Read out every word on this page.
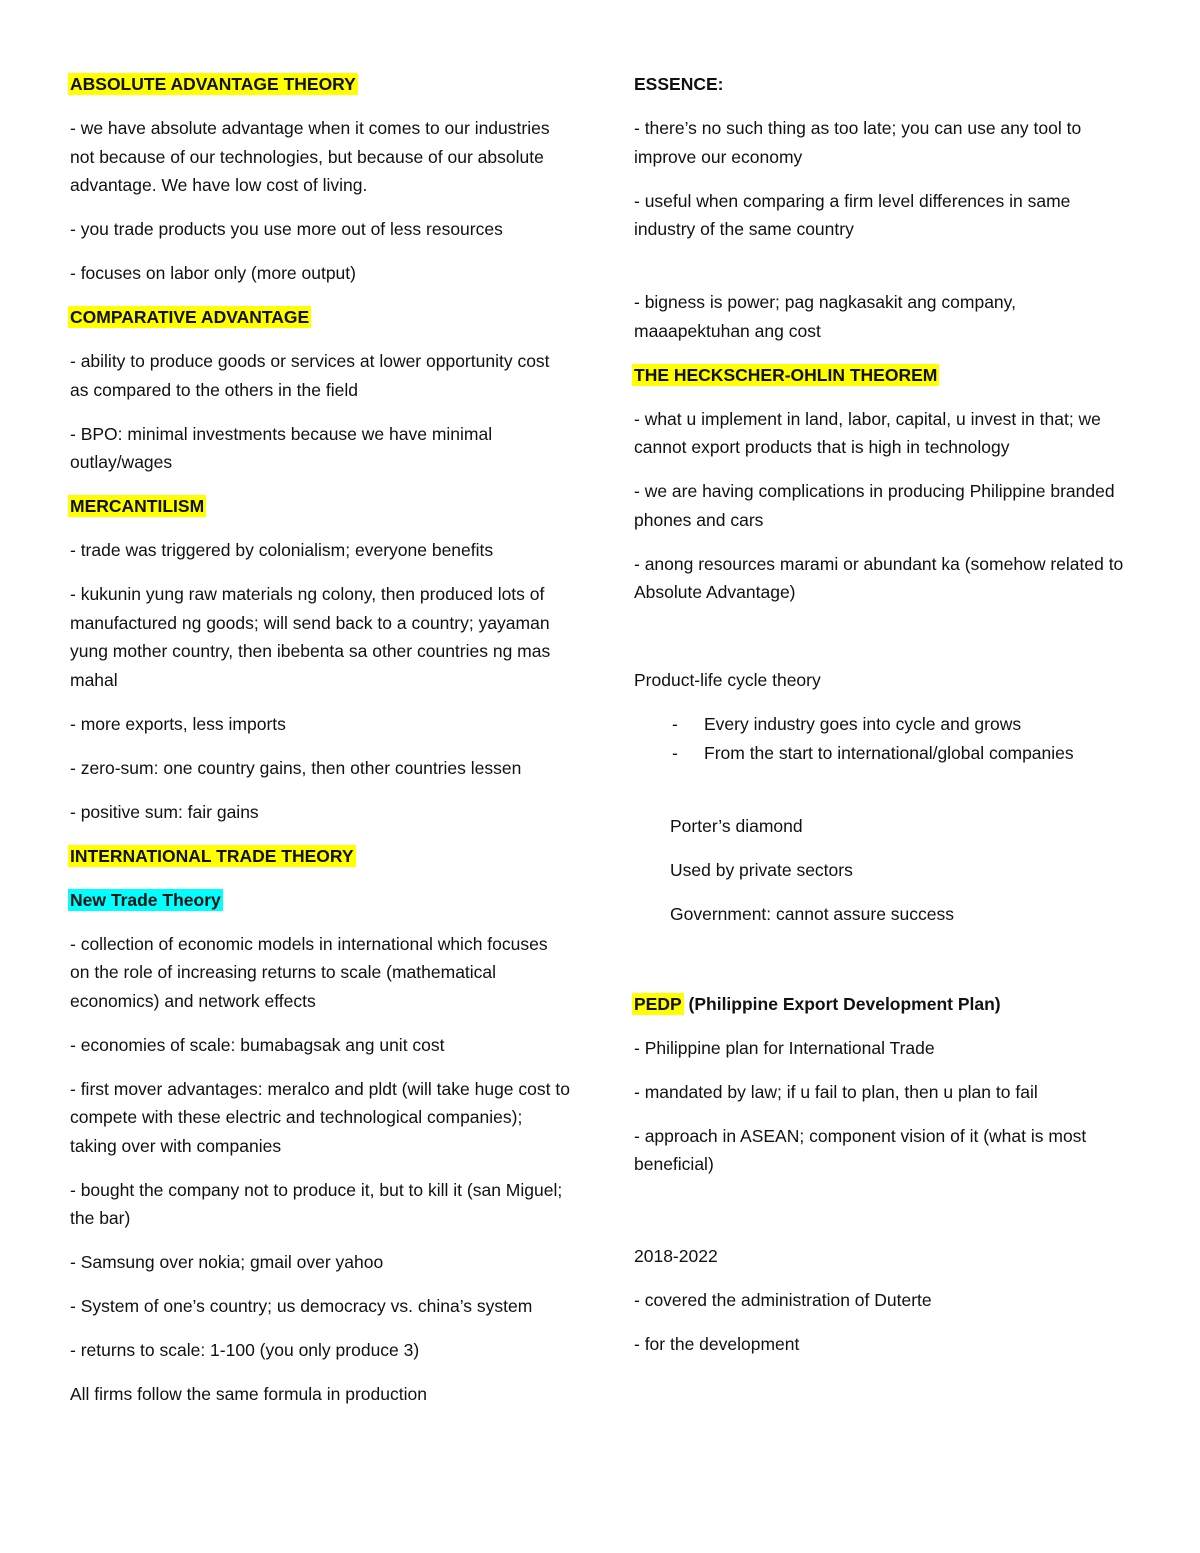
ABSOLUTE ADVANTAGE THEORY

- we have absolute advantage when it comes to our industries not because of our technologies, but because of our absolute advantage. We have low cost of living.

- you trade products you use more out of less resources

- focuses on labor only (more output)

COMPARATIVE ADVANTAGE

- ability to produce goods or services at lower opportunity cost as compared to the others in the field

- BPO: minimal investments because we have minimal outlay/wages

MERCANTILISM

- trade was triggered by colonialism; everyone benefits

- kukunin yung raw materials ng colony, then produced lots of manufactured ng goods; will send back to a country; yayaman yung mother country, then ibebenta sa other countries ng mas mahal

- more exports, less imports

- zero-sum: one country gains, then other countries lessen

- positive sum: fair gains

INTERNATIONAL TRADE THEORY

New Trade Theory

- collection of economic models in international which focuses on the role of increasing returns to scale (mathematical economics) and network effects

- economies of scale: bumabagsak ang unit cost

- first mover advantages: meralco and pldt (will take huge cost to compete with these electric and technological companies); taking over with companies

- bought the company not to produce it, but to kill it (san Miguel; the bar)

- Samsung over nokia; gmail over yahoo

- System of one’s country; us democracy vs. china’s system

- returns to scale: 1-100 (you only produce 3)

All firms follow the same formula in production

ESSENCE:

- there’s no such thing as too late; you can use any tool to improve our economy

- useful when comparing a firm level differences in same industry of the same country

- bigness is power; pag nagkasakit ang company, maaapektuhan ang cost

THE HECKSCHER-OHLIN THEOREM

- what u implement in land, labor, capital, u invest in that; we cannot export products that is high in technology

- we are having complications in producing Philippine branded phones and cars

- anong resources marami or abundant ka (somehow related to Absolute Advantage)

Product-life cycle theory

- Every industry goes into cycle and grows
- From the start to international/global companies

Porter’s diamond

Used by private sectors

Government: cannot assure success

PEDP (Philippine Export Development Plan)

- Philippine plan for International Trade

- mandated by law; if u fail to plan, then u plan to fail

- approach in ASEAN; component vision of it (what is most beneficial)

2018-2022

- covered the administration of Duterte

- for the development
